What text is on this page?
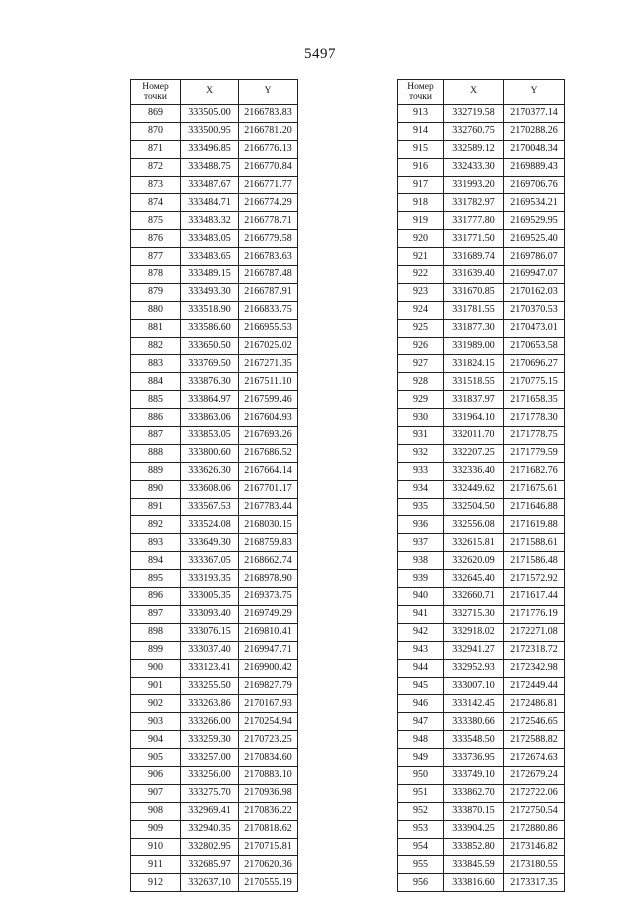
5497
Номер
точки	X	Y
869	333505.00	2166783.83
870	333500.95	2166781.20
871	333496.85	2166776.13
872	333488.75	2166770.84
873	333487.67	2166771.77
874	333484.71	2166774.29
875	333483.32	2166778.71
876	333483.05	2166779.58
877	333483.65	2166783.63
878	333489.15	2166787.48
879	333493.30	2166787.91
880	333518.90	2166833.75
881	333586.60	2166955.53
882	333650.50	2167025.02
883	333769.50	2167271.35
884	333876.30	2167511.10
885	333864.97	2167599.46
886	333863.06	2167604.93
887	333853.05	2167693.26
888	333800.60	2167686.52
889	333626.30	2167664.14
890	333608.06	2167701.17
891	333567.53	2167783.44
892	333524.08	2168030.15
893	333649.30	2168759.83
894	333367.05	2168662.74
895	333193.35	2168978.90
896	333005.35	2169373.75
897	333093.40	2169749.29
898	333076.15	2169810.41
899	333037.40	2169947.71
900	333123.41	2169900.42
901	333255.50	2169827.79
902	333263.86	2170167.93
903	333266.00	2170254.94
904	333259.30	2170723.25
905	333257.00	2170834.60
906	333256.00	2170883.10
907	333275.70	2170936.98
908	332969.41	2170836.22
909	332940.35	2170818.62
910	332802.95	2170715.81
911	332685.97	2170620.36
912	332637.10	2170555.19
Номер
точки	X	Y
913	332719.58	2170377.14
914	332760.75	2170288.26
915	332589.12	2170048.34
916	332433.30	2169889.43
917	331993.20	2169706.76
918	331782.97	2169534.21
919	331777.80	2169529.95
920	331771.50	2169525.40
921	331689.74	2169786.07
922	331639.40	2169947.07
923	331670.85	2170162.03
924	331781.55	2170370.53
925	331877.30	2170473.01
926	331989.00	2170653.58
927	331824.15	2170696.27
928	331518.55	2170775.15
929	331837.97	2171658.35
930	331964.10	2171778.30
931	332011.70	2171778.75
932	332207.25	2171779.59
933	332336.40	2171682.76
934	332449.62	2171675.61
935	332504.50	2171646.88
936	332556.08	2171619.88
937	332615.81	2171588.61
938	332620.09	2171586.48
939	332645.40	2171572.92
940	332660.71	2171617.44
941	332715.30	2171776.19
942	332918.02	2172271.08
943	332941.27	2172318.72
944	332952.93	2172342.98
945	333007.10	2172449.44
946	333142.45	2172486.81
947	333380.66	2172546.65
948	333548.50	2172588.82
949	333736.95	2172674.63
950	333749.10	2172679.24
951	333862.70	2172722.06
952	333870.15	2172750.54
953	333904.25	2172880.86
954	333852.80	2173146.82
955	333845.59	2173180.55
956	333816.60	2173317.35
